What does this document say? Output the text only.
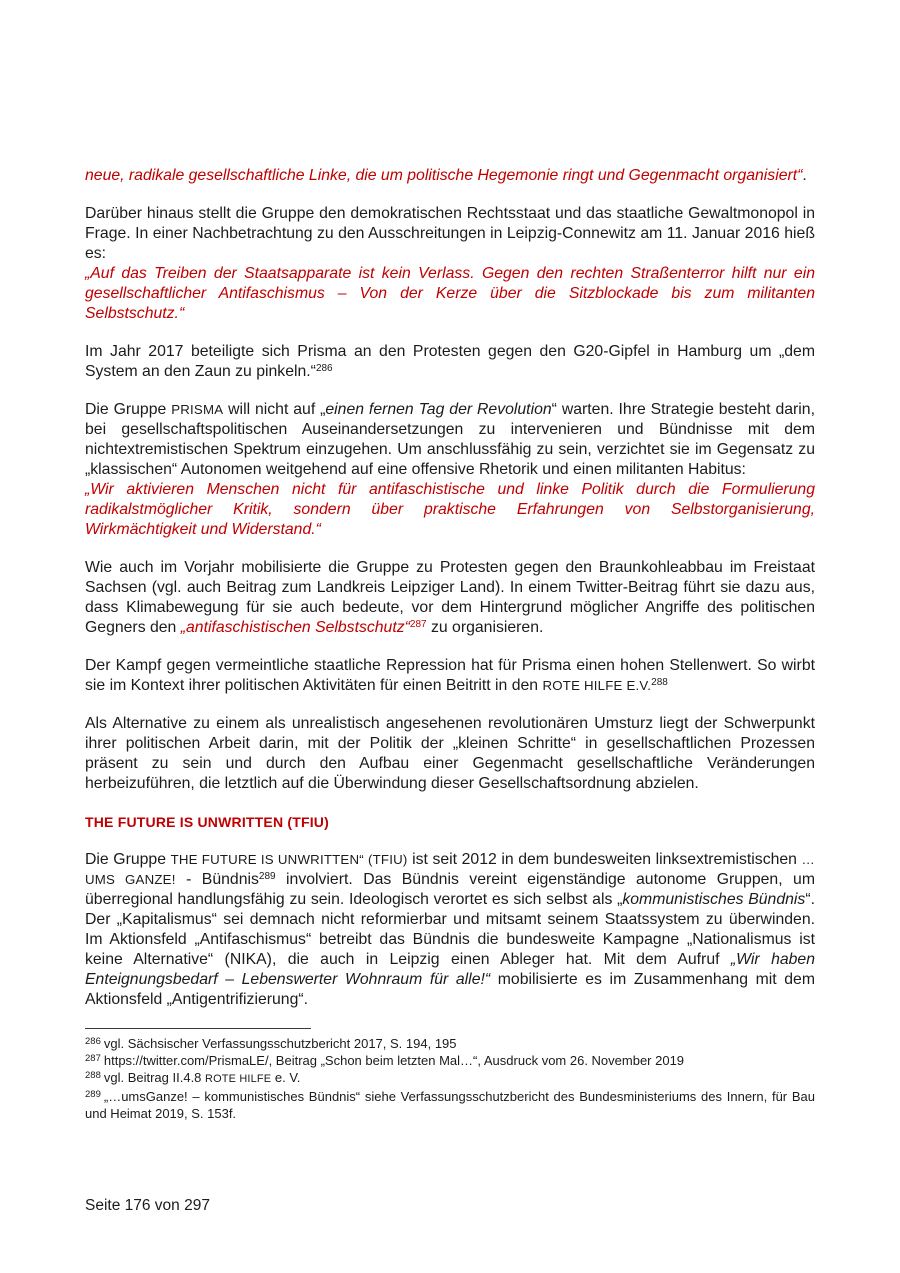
neue, radikale gesellschaftliche Linke, die um politische Hegemonie ringt und Gegenmacht organisiert“.

Darüber hinaus stellt die Gruppe den demokratischen Rechtsstaat und das staatliche Gewaltmonopol in Frage. In einer Nachbetrachtung zu den Ausschreitungen in Leipzig-Connewitz am 11. Januar 2016 hieß es:

„Auf das Treiben der Staatsapparate ist kein Verlass. Gegen den rechten Straßenterror hilft nur ein gesellschaftlicher Antifaschismus – Von der Kerze über die Sitzblockade bis zum militanten Selbstschutz.“

Im Jahr 2017 beteiligte sich Prisma an den Protesten gegen den G20-Gipfel in Hamburg um „dem System an den Zaun zu pinkeln.“$^{286}$

Die Gruppe PRISMA will nicht auf „einen fernen Tag der Revolution“ warten. Ihre Strategie besteht darin, bei gesellschaftspolitischen Auseinandersetzungen zu intervenieren und Bündnisse mit dem nichtextremistischen Spektrum einzugehen. Um anschlussfähig zu sein, verzichtet sie im Gegensatz zu „klassischen“ Autonomen weitgehend auf eine offensive Rhetorik und einen militanten Habitus:

„Wir aktivieren Menschen nicht für antifaschistische und linke Politik durch die Formulierung radikalstmöglicher Kritik, sondern über praktische Erfahrungen von Selbstorganisierung, Wirkmächtigkeit und Widerstand.“

Wie auch im Vorjahr mobilisierte die Gruppe zu Protesten gegen den Braunkohleabbau im Freistaat Sachsen (vgl. auch Beitrag zum Landkreis Leipziger Land). In einem Twitter-Beitrag führt sie dazu aus, dass Klimabewegung für sie auch bedeute, vor dem Hintergrund möglicher Angriffe des politischen Gegners den „antifaschistischen Selbstschutz“$^{287}$ zu organisieren.

Der Kampf gegen vermeintliche staatliche Repression hat für Prisma einen hohen Stellenwert. So wirbt sie im Kontext ihrer politischen Aktivitäten für einen Beitritt in den ROTE HILFE E.V.$^{288}$

Als Alternative zu einem als unrealistisch angesehenen revolutionären Umsturz liegt der Schwerpunkt ihrer politischen Arbeit darin, mit der Politik der „kleinen Schritte“ in gesellschaftlichen Prozessen präsent zu sein und durch den Aufbau einer Gegenmacht gesellschaftliche Veränderungen herbeizuführen, die letztlich auf die Überwindung dieser Gesellschaftsordnung abzielen.

THE FUTURE IS UNWRITTEN (TFIU)

Die Gruppe THE FUTURE IS UNWRITTEN“ (TFIU) ist seit 2012 in dem bundesweiten linksextremistischen …UMS GANZE! - Bündnis$^{289}$ involviert. Das Bündnis vereint eigenständige autonome Gruppen, um überregional handlungsfähig zu sein. Ideologisch verortet es sich selbst als „kommunistisches Bündnis“. Der „Kapitalismus“ sei demnach nicht reformierbar und mitsamt seinem Staatssystem zu überwinden. Im Aktionsfeld „Antifaschismus“ betreibt das Bündnis die bundesweite Kampagne „Nationalismus ist keine Alternative“ (NIKA), die auch in Leipzig einen Ableger hat. Mit dem Aufruf „Wir haben Enteignungsbedarf – Lebenswerter Wohnraum für alle!“ mobilisierte es im Zusammenhang mit dem Aktionsfeld „Antigentrifizierung“.

$^{286}$ vgl. Sächsischer Verfassungsschutzbericht 2017, S. 194, 195
$^{287}$ https://twitter.com/PrismaLE/, Beitrag „Schon beim letzten Mal…“, Ausdruck vom 26. November 2019
$^{288}$ vgl. Beitrag II.4.8 ROTE HILFE e. V.
$^{289}$ „…umsGanze! – kommunistisches Bündnis“ siehe Verfassungsschutzbericht des Bundesministeriums des Innern, für Bau und Heimat 2019, S. 153f.
Seite 176 von 297
